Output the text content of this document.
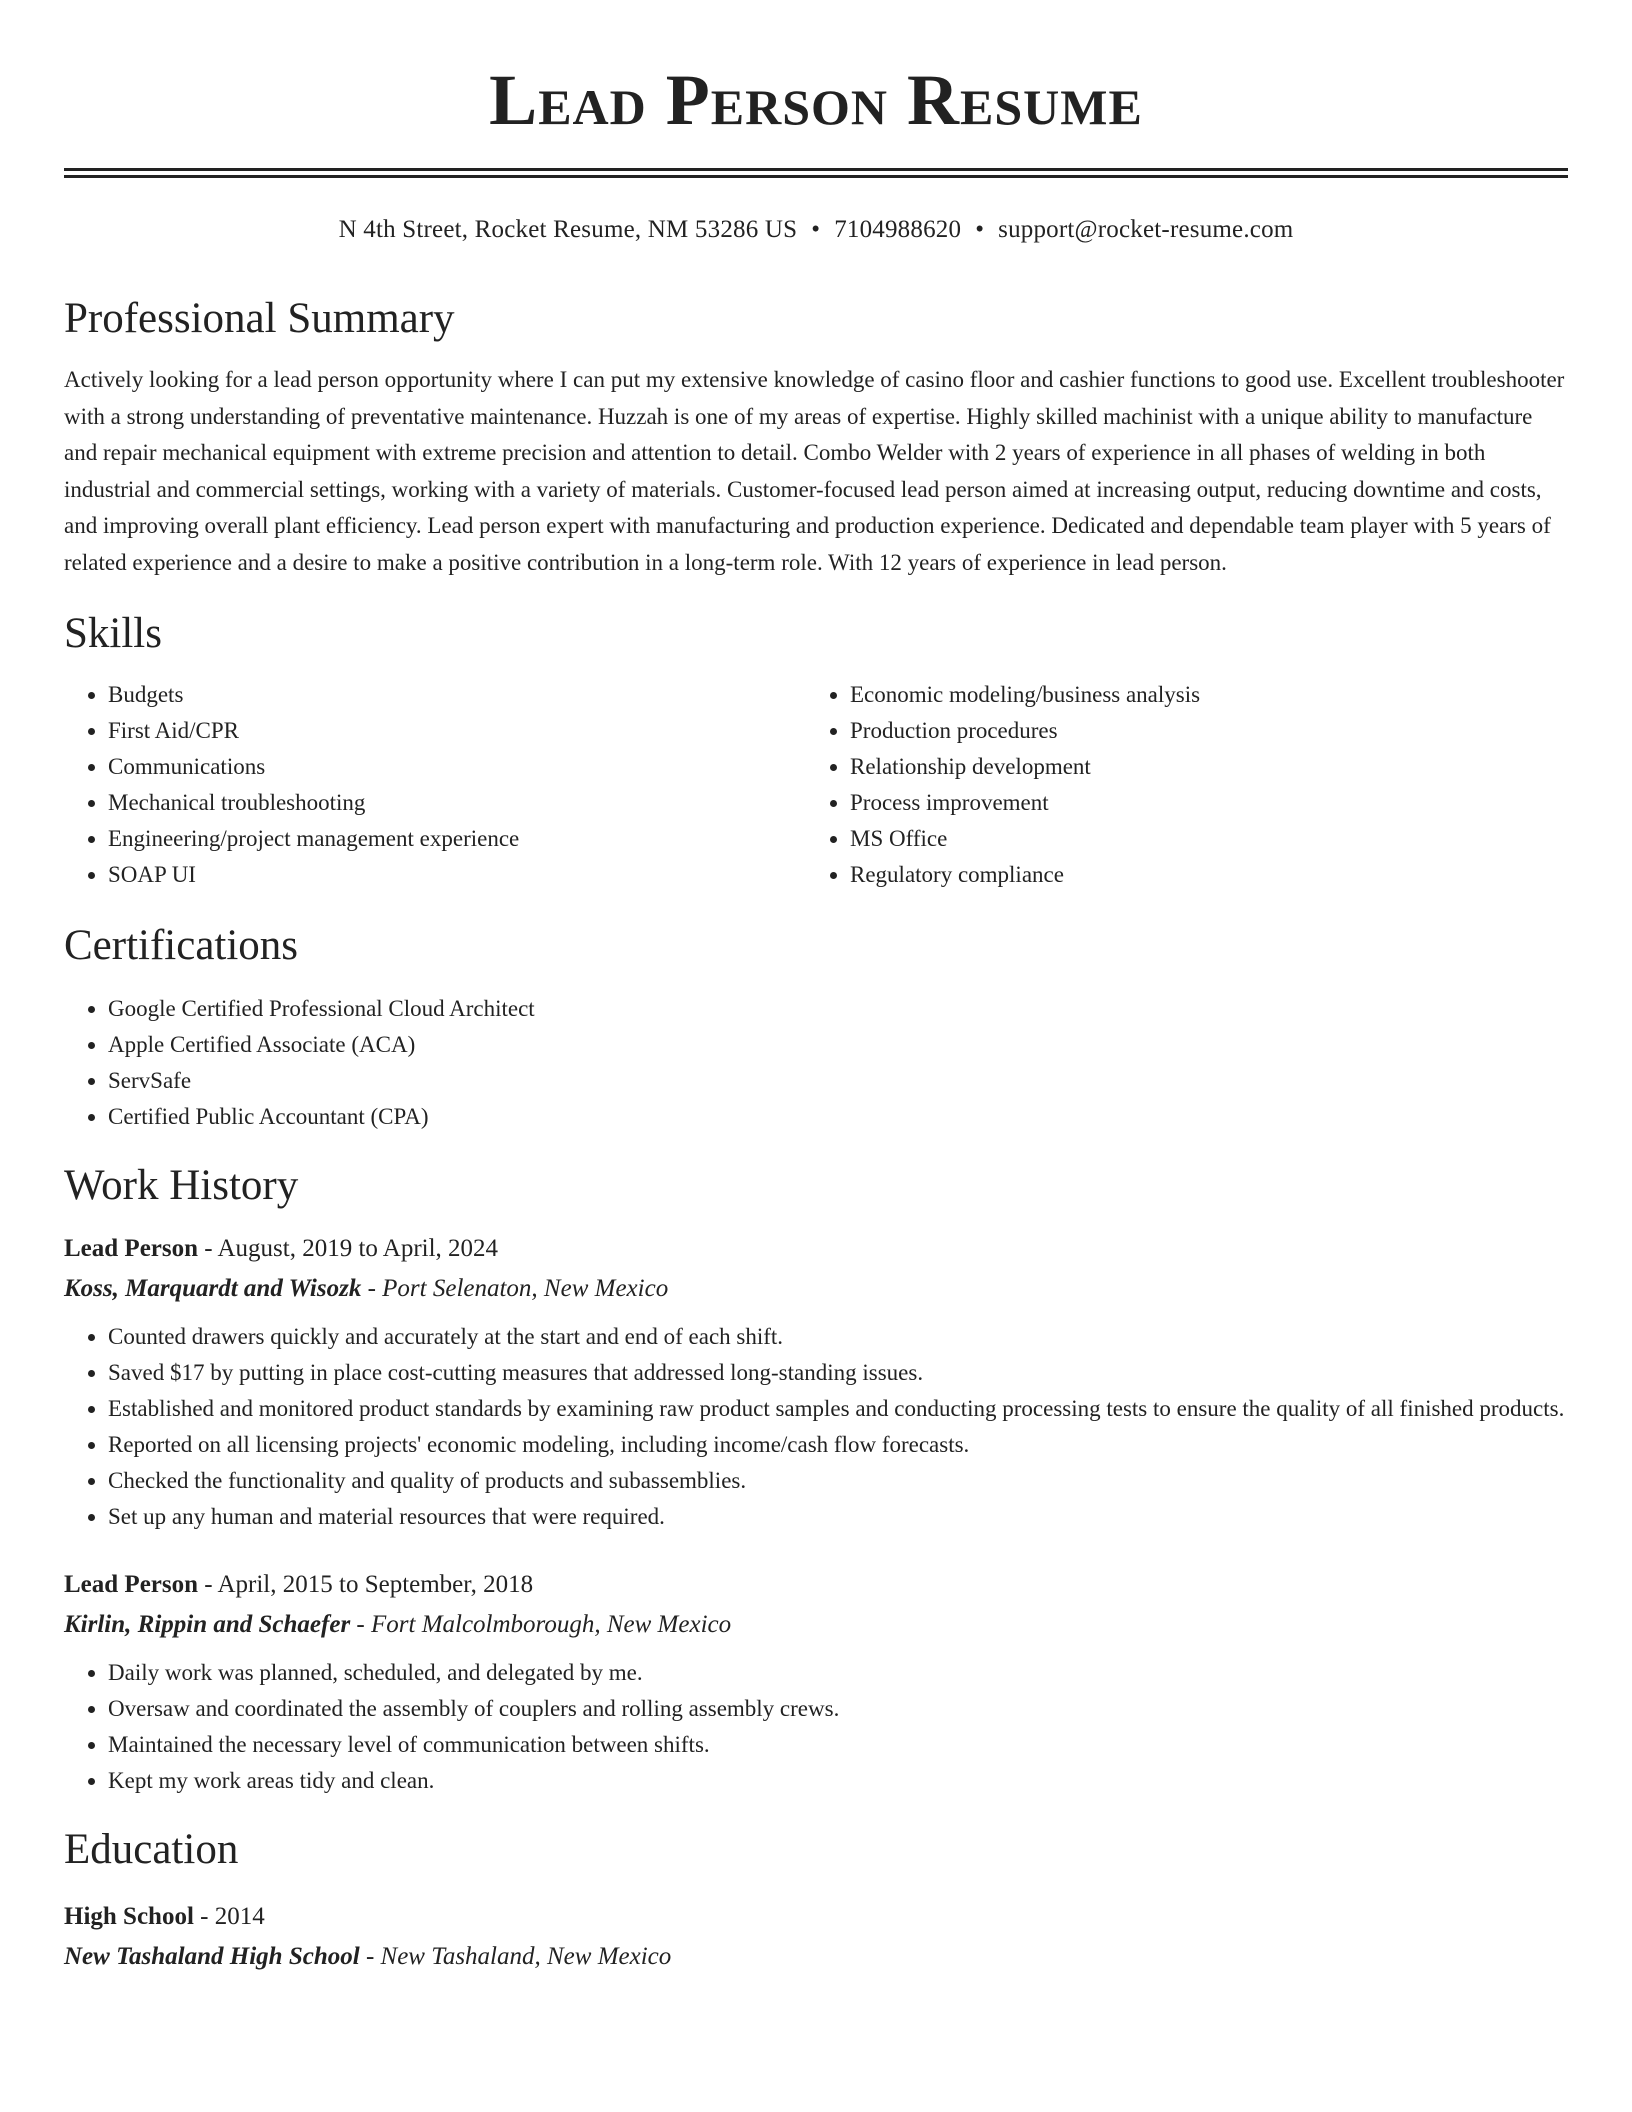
Lead Person Resume
N 4th Street, Rocket Resume, NM 53286 US • 7104988620 • support@rocket-resume.com
Professional Summary

Actively looking for a lead person opportunity where I can put my extensive knowledge of casino floor and cashier functions to good use. Excellent troubleshooter with a strong understanding of preventative maintenance. Huzzah is one of my areas of expertise. Highly skilled machinist with a unique ability to manufacture and repair mechanical equipment with extreme precision and attention to detail. Combo Welder with 2 years of experience in all phases of welding in both industrial and commercial settings, working with a variety of materials. Customer-focused lead person aimed at increasing output, reducing downtime and costs, and improving overall plant efficiency. Lead person expert with manufacturing and production experience. Dedicated and dependable team player with 5 years of related experience and a desire to make a positive contribution in a long-term role. With 12 years of experience in lead person.

Skills
• Budgets
• First Aid/CPR
• Communications
• Mechanical troubleshooting
• Engineering/project management experience
• SOAP UI
• Economic modeling/business analysis
• Production procedures
• Relationship development
• Process improvement
• MS Office
• Regulatory compliance
Certifications
• Google Certified Professional Cloud Architect
• Apple Certified Associate (ACA)
• ServSafe
• Certified Public Accountant (CPA)
Work History
Lead Person - August, 2019 to April, 2024
Koss, Marquardt and Wisozk - Port Selenaton, New Mexico
• Counted drawers quickly and accurately at the start and end of each shift.
• Saved $17 by putting in place cost-cutting measures that addressed long-standing issues.
• Established and monitored product standards by examining raw product samples and conducting processing tests to ensure the quality of all finished products.
• Reported on all licensing projects' economic modeling, including income/cash flow forecasts.
• Checked the functionality and quality of products and subassemblies.
• Set up any human and material resources that were required.
Lead Person - April, 2015 to September, 2018
Kirlin, Rippin and Schaefer - Fort Malcolmborough, New Mexico
• Daily work was planned, scheduled, and delegated by me.
• Oversaw and coordinated the assembly of couplers and rolling assembly crews.
• Maintained the necessary level of communication between shifts.
• Kept my work areas tidy and clean.
Education
High School - 2014
New Tashaland High School - New Tashaland, New Mexico
